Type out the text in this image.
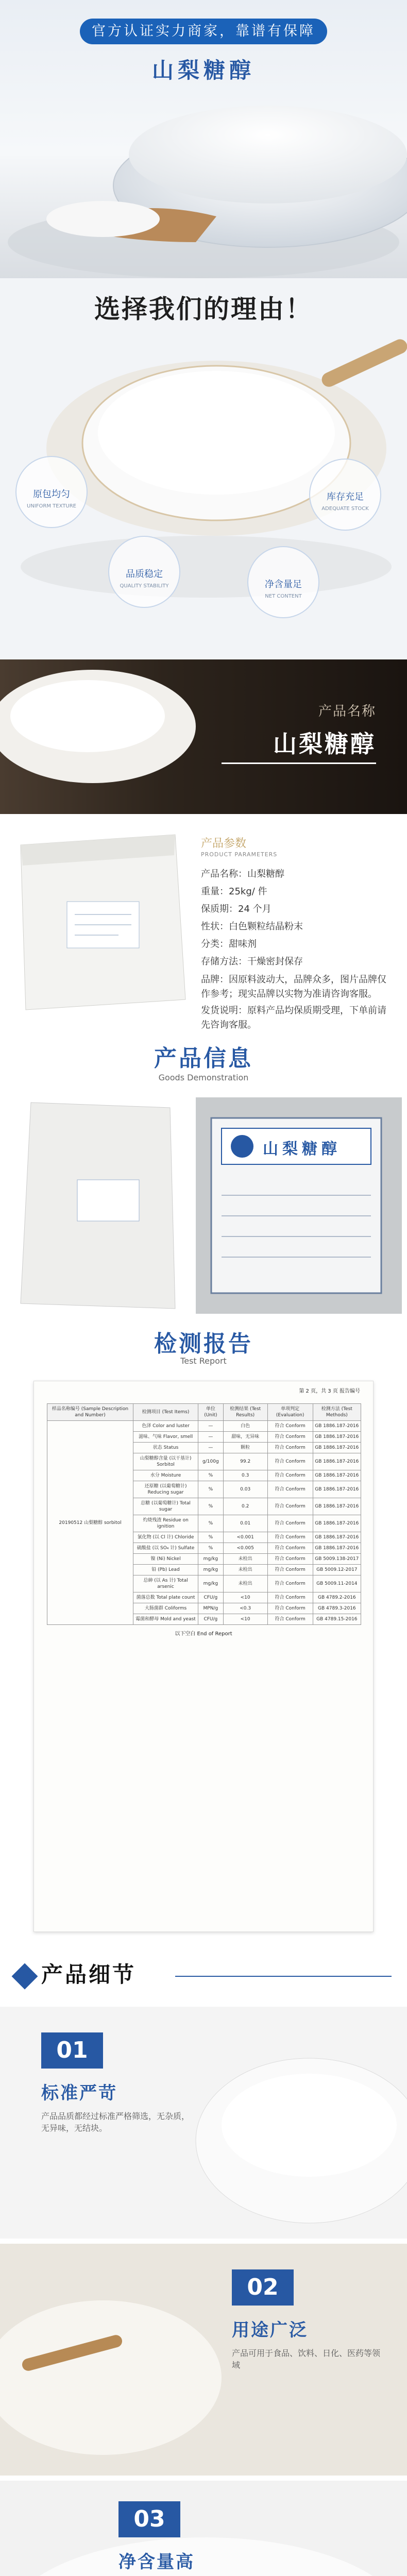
官方认证实力商家，靠谱有保障
山梨糖醇
选择我们的理由！
原包均匀
UNIFORM TEXTURE
品质稳定
QUALITY STABILITY
库存充足
ADEQUATE STOCK
净含量足
NET CONTENT
产品名称
山梨糖醇
产品参数
PRODUCT PARAMETERS
产品名称：山梨糖醇
重量：25kg/ 件
保质期：24 个月
性状：白色颗粒结晶粉末
分类：甜味剂
存储方法：干燥密封保存
品牌：因原料波动大，品牌众多，图片品牌仅作参考；现实品牌以实物为准请咨询客服。
发货说明：原料产品均保质期受理，下单前请先咨询客服。
产品信息
Goods Demonstration
山梨糖醇
检测报告
Test Report
第 2 页，共 3 页 报告编号
样品名称编号 (Sample Description and Number)	检测项目 (Test Items)	单位 (Unit)	检测结果 (Test Results)	单项判定 (Evaluation)	检测方法 (Test Methods)
20190512 山梨糖醇 sorbitol	色泽 Color and luster	—	白色	符合 Conform	GB 1886.187-2016
	滋味、气味 Flavor, smell	—	甜味，无异味	符合 Conform	GB 1886.187-2016
	状态 Status	—	颗粒	符合 Conform	GB 1886.187-2016
	山梨糖醇含量 (以干基计) Sorbitol	g/100g	99.2	符合 Conform	GB 1886.187-2016
	水分 Moisture	%	0.3	符合 Conform	GB 1886.187-2016
	还原糖 (以葡萄糖计) Reducing sugar	%	0.03	符合 Conform	GB 1886.187-2016
	总糖 (以葡萄糖计) Total sugar	%	0.2	符合 Conform	GB 1886.187-2016
	灼烧残渣 Residue on ignition	%	0.01	符合 Conform	GB 1886.187-2016
	氯化物 (以 Cl 计) Chloride	%	<0.001	符合 Conform	GB 1886.187-2016
	硫酸盐 (以 SO₄ 计) Sulfate	%	<0.005	符合 Conform	GB 1886.187-2016
	镍 (Ni) Nickel	mg/kg	未检出	符合 Conform	GB 5009.138-2017
	铅 (Pb) Lead	mg/kg	未检出	符合 Conform	GB 5009.12-2017
	总砷 (以 As 计) Total arsenic	mg/kg	未检出	符合 Conform	GB 5009.11-2014
	菌落总数 Total plate count	CFU/g	<10	符合 Conform	GB 4789.2-2016
	大肠菌群 Coliforms	MPN/g	<0.3	符合 Conform	GB 4789.3-2016
	霉菌和酵母 Mold and yeast	CFU/g	<10	符合 Conform	GB 4789.15-2016
以下空白 End of Report
产品细节
01
标准严苛
产品品质都经过标准严格筛选，无杂质，无异味，无结块。
02
用途广泛
产品可用于食品、饮料、日化、医药等领域
03
净含量高
